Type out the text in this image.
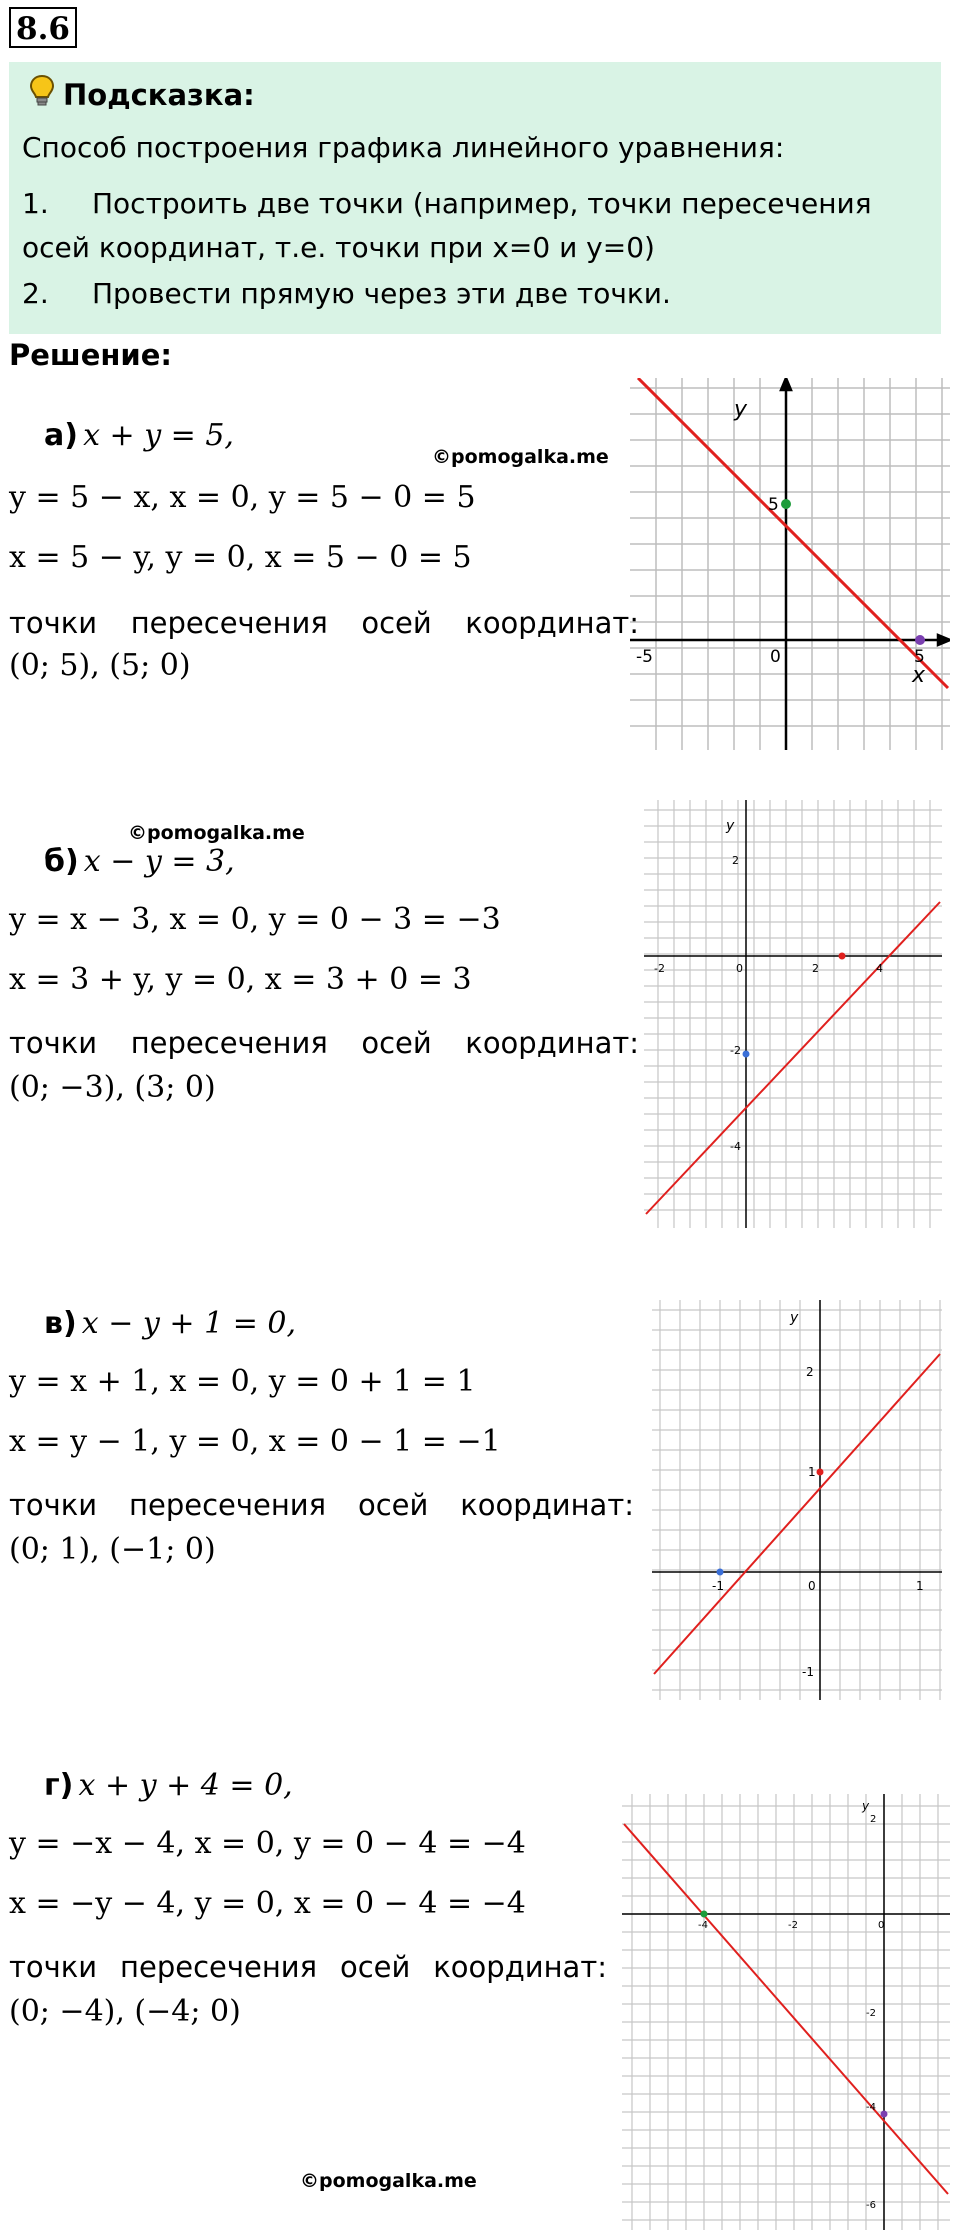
8.6
Подсказка:
Способ построения графика линейного уравнения:
1. Построить две точки (например, точки пересечения
осей координат, т.е. точки при x=0 и y=0)
2. Провести прямую через эти две точки.
Решение:
а) x + y = 5,
©pomogalka.me
y = 5 − x, x = 0, y = 5 − 0 = 5
x = 5 − y, y = 0, x = 5 − 0 = 5
точки пересечения осей координат:
(0; 5), (5; 0)	-5	0	5
5
x
y
©pomogalka.me
б) x − y = 3,
y = x − 3, x = 0, y = 0 − 3 = −3
x = 3 + y, y = 0, x = 3 + 0 = 3
точки пересечения осей координат:
(0; −3), (3; 0)
-2	0	2	4
2
-2
-4
y
в) x − y + 1 = 0,
y = x + 1, x = 0, y = 0 + 1 = 1
x = y − 1, y = 0, x = 0 − 1 = −1
точки пересечения осей координат:
(0; 1), (−1; 0)
-1	0	1
2
1
-1
y
г) x + y + 4 = 0,
y = −x − 4, x = 0, y = 0 − 4 = −4
x = −y − 4, y = 0, x = 0 − 4 = −4
точки пересечения осей координат:
(0; −4), (−4; 0)
©pomogalka.me
-4	-2	0
2
-2
-4
-6
y
